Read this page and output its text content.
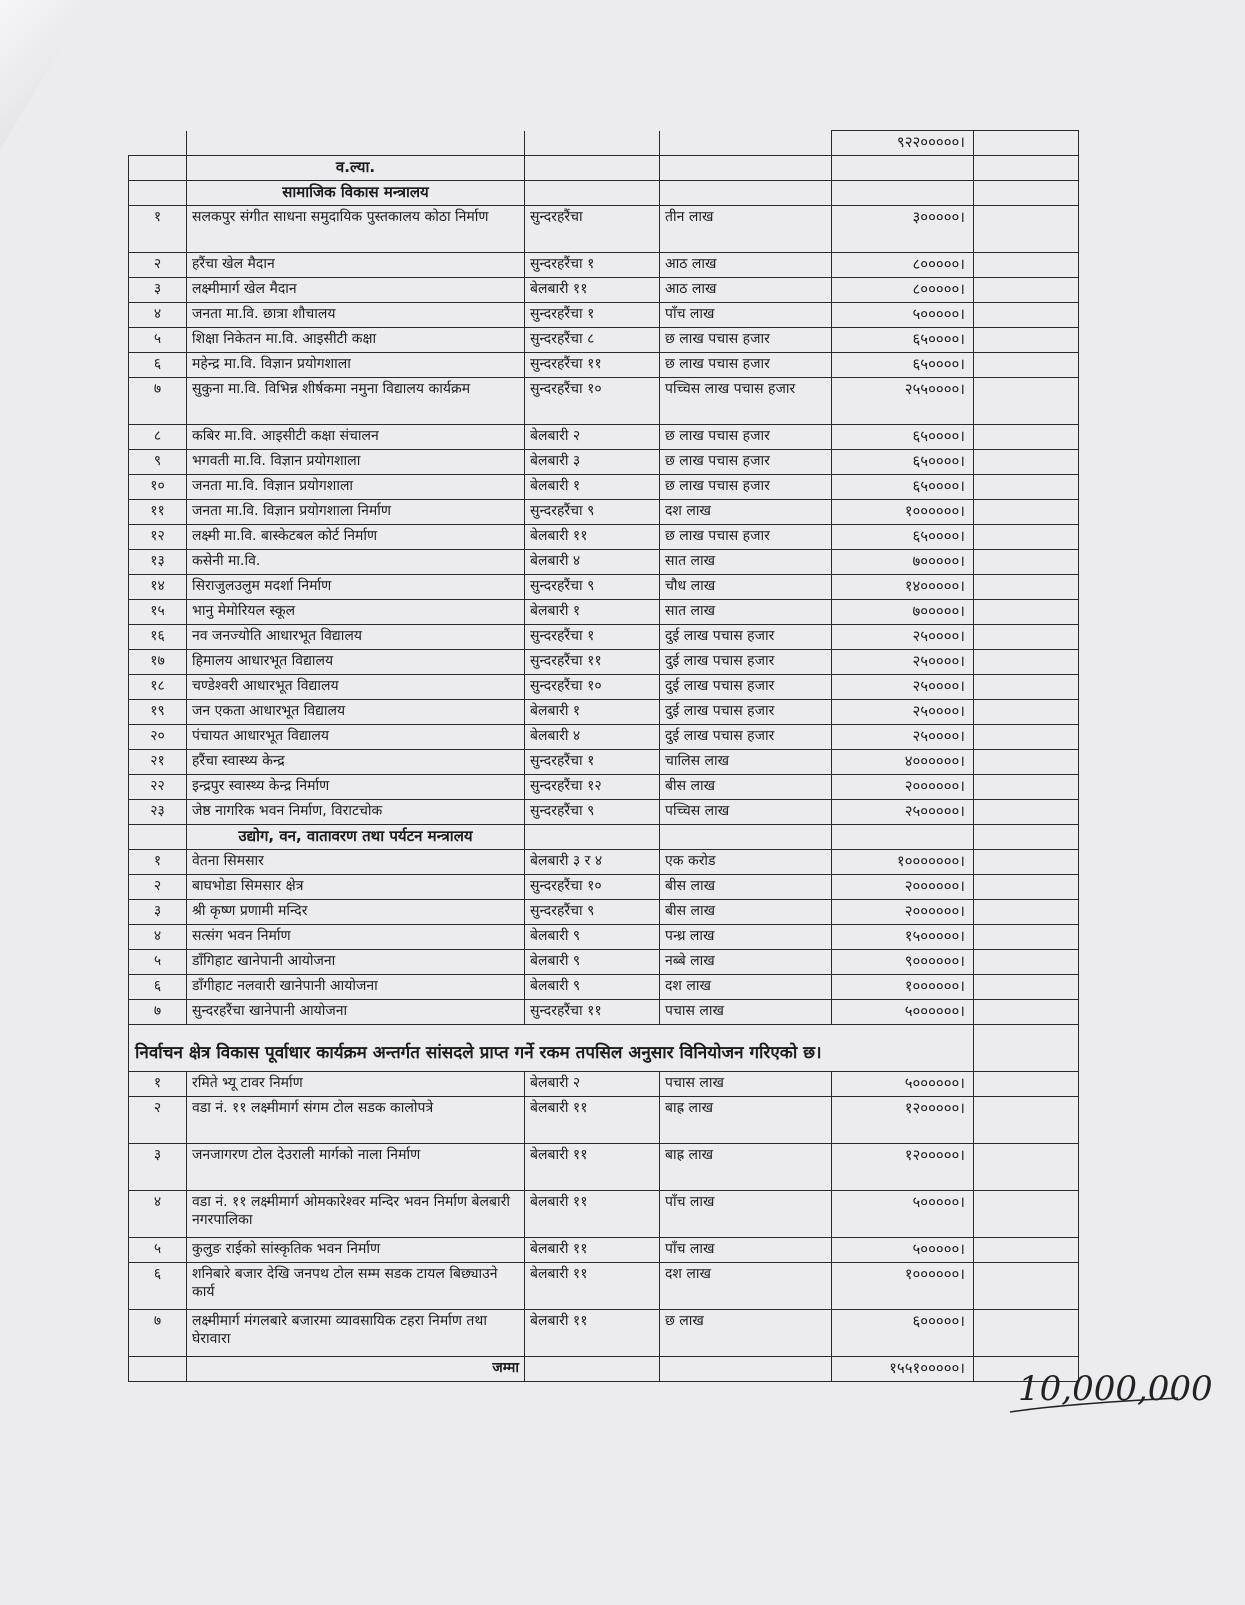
				९२२०००००।	
	व.ल्या.				
	सामाजिक विकास मन्त्रालय				
१	सलकपुर संगीत साधना समुदायिक पुस्तकालय कोठा निर्माण	सुन्दरहरैंचा	तीन लाख	३०००००।	
२	हरैंचा खेल मैदान	सुन्दरहरैंचा १	आठ लाख	८०००००।	
३	लक्ष्मीमार्ग खेल मैदान	बेलबारी ११	आठ लाख	८०००००।	
४	जनता मा.वि. छात्रा शौचालय	सुन्दरहरैंचा १	पाँच लाख	५०००००।	
५	शिक्षा निकेतन मा.वि. आइसीटी कक्षा	सुन्दरहरैंचा ८	छ लाख पचास हजार	६५००००।	
६	महेन्द्र मा.वि. विज्ञान प्रयोगशाला	सुन्दरहरैंचा ११	छ लाख पचास हजार	६५००००।	
७	सुकुना मा.वि. विभिन्न शीर्षकमा नमुना विद्यालय कार्यक्रम	सुन्दरहरैंचा १०	पच्चिस लाख पचास हजार	२५५००००।	
८	कबिर मा.वि. आइसीटी कक्षा संचालन	बेलबारी २	छ लाख पचास हजार	६५००००।	
९	भगवती मा.वि. विज्ञान प्रयोगशाला	बेलबारी ३	छ लाख पचास हजार	६५००००।	
१०	जनता मा.वि. विज्ञान प्रयोगशाला	बेलबारी १	छ लाख पचास हजार	६५००००।	
११	जनता मा.वि. विज्ञान प्रयोगशाला निर्माण	सुन्दरहरैंचा ९	दश लाख	१००००००।	
१२	लक्ष्मी मा.वि. बास्केटबल कोर्ट निर्माण	बेलबारी ११	छ लाख पचास हजार	६५००००।	
१३	कसेनी मा.वि.	बेलबारी ४	सात लाख	७०००००।	
१४	सिराजुलउलुम मदर्शा निर्माण	सुन्दरहरैंचा ९	चौध लाख	१४०००००।	
१५	भानु मेमोरियल स्कूल	बेलबारी १	सात लाख	७०००००।	
१६	नव जनज्योति आधारभूत विद्यालय	सुन्दरहरैंचा १	दुई लाख पचास हजार	२५००००।	
१७	हिमालय आधारभूत विद्यालय	सुन्दरहरैंचा ११	दुई लाख पचास हजार	२५००००।	
१८	चण्डेश्वरी आधारभूत विद्यालय	सुन्दरहरैंचा १०	दुई लाख पचास हजार	२५००००।	
१९	जन एकता आधारभूत विद्यालय	बेलबारी १	दुई लाख पचास हजार	२५००००।	
२०	पंचायत आधारभूत विद्यालय	बेलबारी ४	दुई लाख पचास हजार	२५००००।	
२१	हरैंचा स्वास्थ्य केन्द्र	सुन्दरहरैंचा १	चालिस लाख	४००००००।	
२२	इन्द्रपुर स्वास्थ्य केन्द्र निर्माण	सुन्दरहरैंचा १२	बीस लाख	२००००००।	
२३	जेष्ठ नागरिक भवन निर्माण, विराटचोक	सुन्दरहरैंचा ९	पच्चिस लाख	२५०००००।	
	उद्योग, वन, वातावरण तथा पर्यटन मन्त्रालय				
१	वेतना सिमसार	बेलबारी ३ र ४	एक करोड	१०००००००।	
२	बाघभोडा सिमसार क्षेत्र	सुन्दरहरैंचा १०	बीस लाख	२००००००।	
३	श्री कृष्ण प्रणामी मन्दिर	सुन्दरहरैंचा ९	बीस लाख	२००००००।	
४	सत्संग भवन निर्माण	बेलबारी ९	पन्ध्र लाख	१५०००००।	
५	डाँगिहाट खानेपानी आयोजना	बेलबारी ९	नब्बे लाख	९००००००।	
६	डाँगीहाट नलवारी खानेपानी आयोजना	बेलबारी ९	दश लाख	१००००००।	
७	सुन्दरहरैंचा खानेपानी आयोजना	सुन्दरहरैंचा ११	पचास लाख	५००००००।	
निर्वाचन क्षेत्र विकास पूर्वाधार कार्यक्रम अन्तर्गत सांसदले प्राप्त गर्ने रकम तपसिल अनुसार विनियोजन गरिएको छ।					
१	रमिते भ्यू टावर निर्माण	बेलबारी २	पचास लाख	५००००००।	
२	वडा नं. ११ लक्ष्मीमार्ग संगम टोल सडक कालोपत्रे	बेलबारी ११	बाह्र लाख	१२०००००।	
३	जनजागरण टोल देउराली मार्गको नाला निर्माण	बेलबारी ११	बाह्र लाख	१२०००००।	
४	वडा नं. ११ लक्ष्मीमार्ग ओमकारेश्वर मन्दिर भवन निर्माण बेलबारी नगरपालिका	बेलबारी ११	पाँच लाख	५०००००।	
५	कुलुङ राईको सांस्कृतिक भवन निर्माण	बेलबारी ११	पाँच लाख	५०००००।	
६	शनिबारे बजार देखि जनपथ टोल सम्म सडक टायल बिछ्याउने कार्य	बेलबारी ११	दश लाख	१००००००।	
७	लक्ष्मीमार्ग मंगलबारे बजारमा व्यावसायिक टहरा निर्माण तथा घेरावारा	बेलबारी ११	छ लाख	६०००००।	
	जम्मा			१५५१०००००।	
10,000,000
